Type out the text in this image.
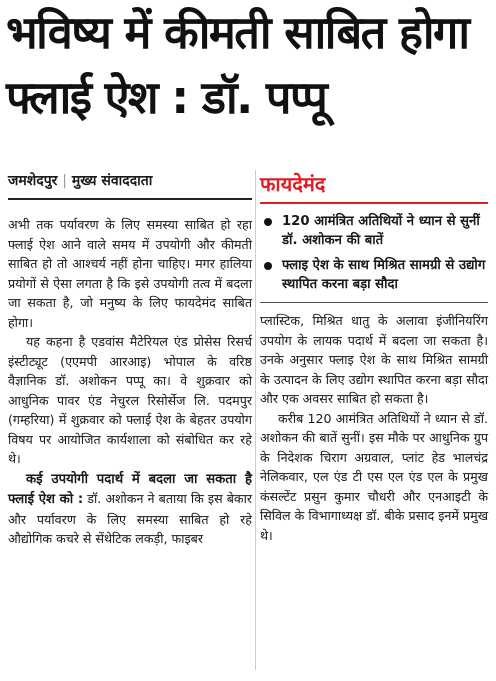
भविष्य में कीमती साबित होगा फ्लाई ऐश : डॉ. पप्पू
जमशेदपुर | मुख्य संवाददाता

अभी तक पर्यावरण के लिए समस्या साबित हो रहा फ्लाई ऐश आने वाले समय में उपयोगी और कीमती साबित हो तो आश्चर्य नहीं होना चाहिए। मगर हालिया प्रयोगों से ऐसा लगता है कि इसे उपयोगी तत्व में बदला जा सकता है, जो मनुष्य के लिए फायदेमंद साबित होगा।

यह कहना है एडवांस मैटेरियल एंड प्रोसेस रिसर्च इंस्टीट्यूट (एएमपी आरआइ) भोपाल के वरिष्ठ वैज्ञानिक डॉ. अशोकन पप्पू का। वे शुक्रवार को आधुनिक पावर एंड नेचुरल रिसोर्सेज लि. पदमपुर (गम्हरिया) में शुक्रवार को फ्लाई ऐश के बेहतर उपयोग विषय पर आयोजित कार्यशाला को संबोधित कर रहे थे।

कई उपयोगी पदार्थ में बदला जा सकता है फ्लाई ऐश को : डॉ. अशोकन ने बताया कि इस बेकार और पर्यावरण के लिए समस्या साबित हो रहे औद्योगिक कचरे से सेंथेटिक लकड़ी, फाइबर

फायदेमंद
120 आमंत्रित अतिथियों ने ध्यान से सुनीं डॉ. अशोकन की बातें
फ्लाइ ऐश के साथ मिश्रित सामग्री से उद्योग स्थापित करना बड़ा सौदा

प्लास्टिक, मिश्रित धातु के अलावा इंजीनियरिंग उपयोग के लायक पदार्थ में बदला जा सकता है। उनके अनुसार फ्लाइ ऐश के साथ मिश्रित सामग्री के उत्पादन के लिए उद्योग स्थापित करना बड़ा सौदा और एक अवसर साबित हो सकता है।

करीब 120 आमंत्रित अतिथियों ने ध्यान से डॉ. अशोकन की बातें सुनीं। इस मौके पर आधुनिक ग्रुप के निदेशक चिराग अग्रवाल, प्लांट हेड भालचंद्र नेलिकवार, एल एंड टी एस एल एंड एल के प्रमुख कंसल्टेंट प्रसुन कुमार चौधरी और एनआइटी के सिविल के विभागाध्यक्ष डॉ. बीके प्रसाद इनमें प्रमुख थे।
